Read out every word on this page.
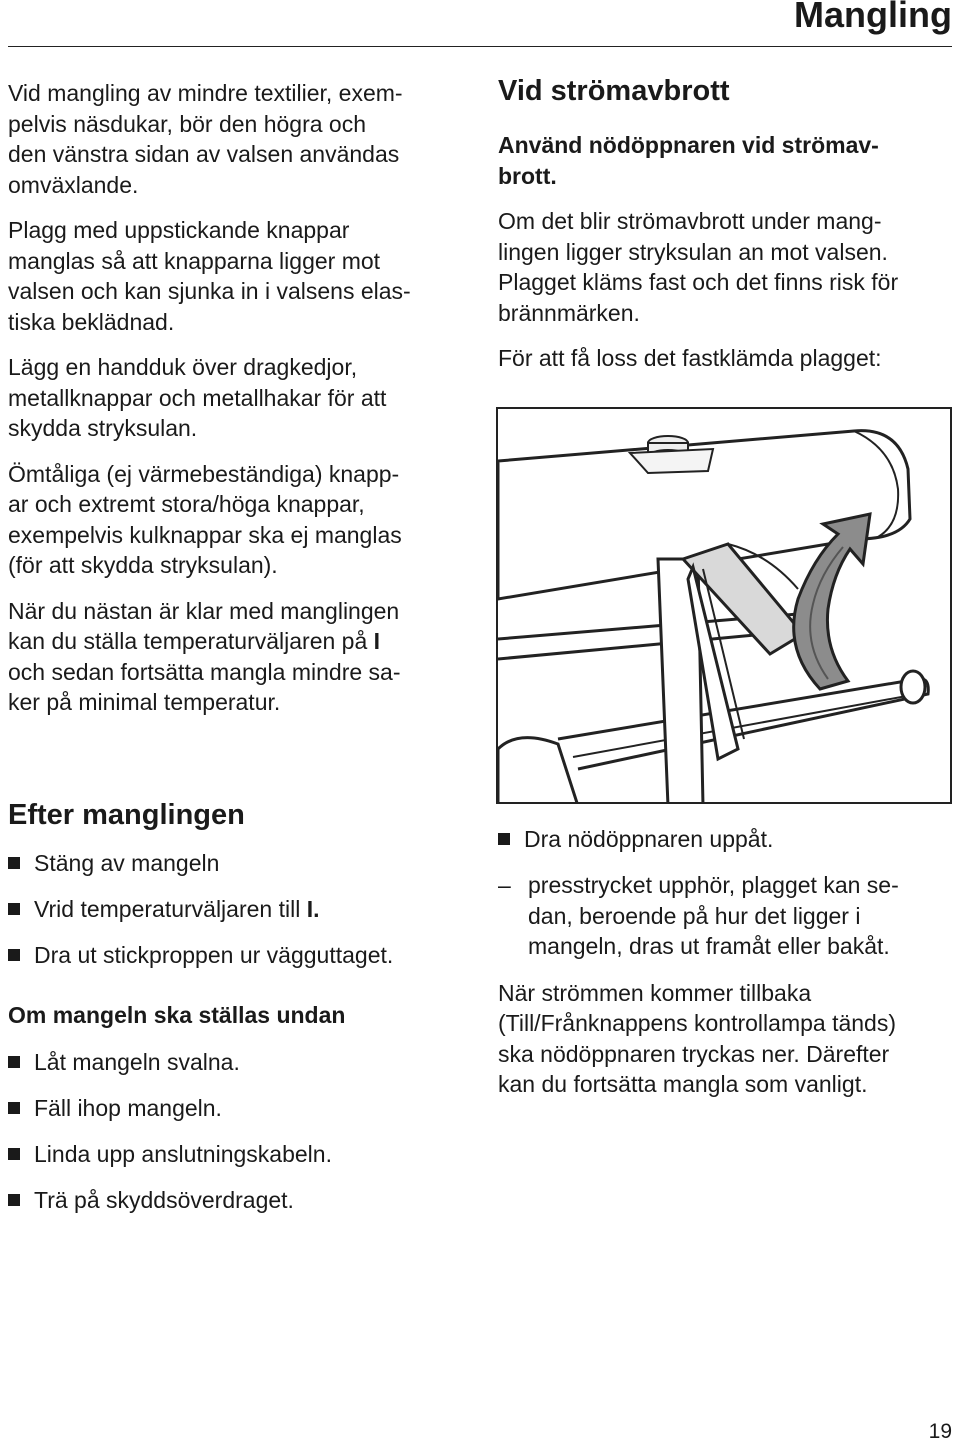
Mangling

Vid mangling av mindre textilier, exem-
pelvis näsdukar, bör den högra och
den vänstra sidan av valsen användas
omväxlande.

Plagg med uppstickande knappar
manglas så att knapparna ligger mot
valsen och kan sjunka in i valsens elas-
tiska beklädnad.

Lägg en handduk över dragkedjor,
metallknappar och metallhakar för att
skydda stryksulan.

Ömtåliga (ej värmebeständiga) knapp-
ar och extremt stora/höga knappar,
exempelvis kulknappar ska ej manglas
(för att skydda stryksulan).

När du nästan är klar med manglingen
kan du ställa temperaturväljaren på I
och sedan fortsätta mangla mindre sa-
ker på minimal temperatur.

Efter manglingen
Stäng av mangeln
Vrid temperaturväljaren till I.
Dra ut stickproppen ur vägguttaget.
Om mangeln ska ställas undan
Låt mangeln svalna.
Fäll ihop mangeln.
Linda upp anslutningskabeln.
Trä på skyddsöverdraget.
Vid strömavbrott

Använd nödöppnaren vid strömav-
brott.

Om det blir strömavbrott under mang-
lingen ligger stryksulan an mot valsen.
Plagget kläms fast och det finns risk för
brännmärken.

För att få loss det fastklämda plagget:

Dra nödöppnaren uppåt.
– presstrycket upphör, plagget kan se-
dan, beroende på hur det ligger i
mangeln, dras ut framåt eller bakåt.

När strömmen kommer tillbaka
(Till/Frånknappens kontrollampa tänds)
ska nödöppnaren tryckas ner. Därefter
kan du fortsätta mangla som vanligt.

19
